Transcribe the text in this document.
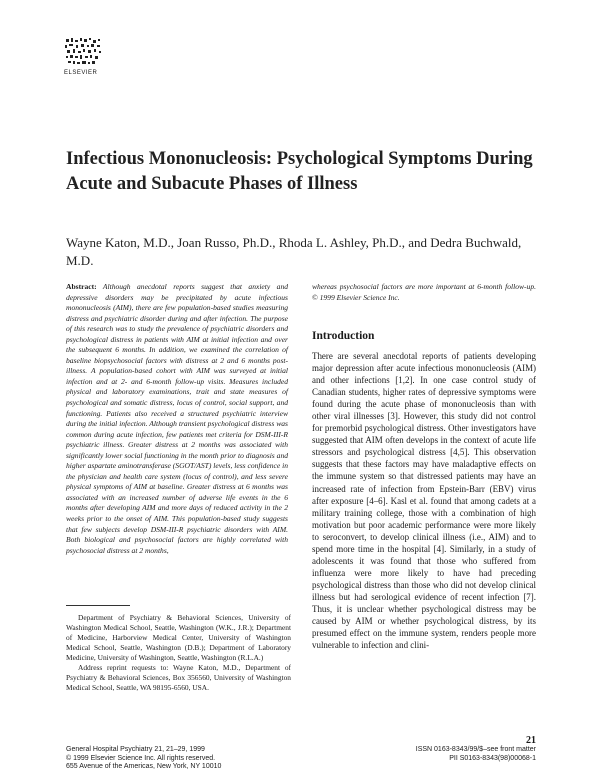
ELSEVIER
Infectious Mononucleosis: Psychological Symptoms During Acute and Subacute Phases of Illness
Wayne Katon, M.D., Joan Russo, Ph.D., Rhoda L. Ashley, Ph.D., and Dedra Buchwald, M.D.
Abstract: Although anecdotal reports suggest that anxiety and depressive disorders may be precipitated by acute infectious mononucleosis (AIM), there are few population-based studies measuring distress and psychiatric disorder during and after infection. The purpose of this research was to study the prevalence of psychiatric disorders and psychological distress in patients with AIM at initial infection and over the subsequent 6 months. In addition, we examined the correlation of baseline biopsychosocial factors with distress at 2 and 6 months post-illness. A population-based cohort with AIM was surveyed at initial infection and at 2- and 6-month follow-up visits. Measures included physical and laboratory examinations, trait and state measures of psychological and somatic distress, locus of control, social support, and functioning. Patients also received a structured psychiatric interview during the initial infection. Although transient psychological distress was common during acute infection, few patients met criteria for DSM-III-R psychiatric illness. Greater distress at 2 months was associated with significantly lower social functioning in the month prior to diagnosis and higher aspartate aminotransferase (SGOT/AST) levels, less confidence in the physician and health care system (locus of control), and less severe physical symptoms of AIM at baseline. Greater distress at 6 months was associated with an increased number of adverse life events in the 6 months after developing AIM and more days of reduced activity in the 2 weeks prior to the onset of AIM. This population-based study suggests that few subjects develop DSM-III-R psychiatric disorders with AIM. Both biological and psychosocial factors are highly correlated with psychosocial distress at 2 months,

Department of Psychiatry & Behavioral Sciences, University of Washington Medical School, Seattle, Washington (W.K., J.R.); Department of Medicine, Harborview Medical Center, University of Washington Medical School, Seattle, Washington (D.B.); Department of Laboratory Medicine, University of Washington, Seattle, Washington (R.L.A.)

Address reprint requests to: Wayne Katon, M.D., Department of Psychiatry & Behavioral Sciences, Box 356560, University of Washington Medical School, Seattle, WA 98195-6560, USA.

whereas psychosocial factors are more important at 6-month follow-up. © 1999 Elsevier Science Inc.
Introduction
There are several anecdotal reports of patients developing major depression after acute infectious mononucleosis (AIM) and other infections [1,2]. In one case control study of Canadian students, higher rates of depressive symptoms were found during the acute phase of mononucleosis than with other viral illnesses [3]. However, this study did not control for premorbid psychological distress. Other investigators have suggested that AIM often develops in the context of acute life stressors and psychological distress [4,5]. This observation suggests that these factors may have maladaptive effects on the immune system so that distressed patients may have an increased rate of infection from Epstein-Barr (EBV) virus after exposure [4–6]. Kasl et al. found that among cadets at a military training college, those with a combination of high motivation but poor academic performance were more likely to seroconvert, to develop clinical illness (i.e., AIM) and to spend more time in the hospital [4]. Similarly, in a study of adolescents it was found that those who suffered from influenza were more likely to have had preceding psychological distress than those who did not develop clinical illness but had serological evidence of recent infection [7]. Thus, it is unclear whether psychological distress may be caused by AIM or whether psychological distress, by its presumed effect on the immune system, renders people more vulnerable to infection and clini-
21
General Hospital Psychiatry 21, 21–29, 1999
© 1999 Elsevier Science Inc. All rights reserved.
655 Avenue of the Americas, New York, NY 10010
ISSN 0163-8343/99/$–see front matter
PII S0163-8343(98)00068-1
